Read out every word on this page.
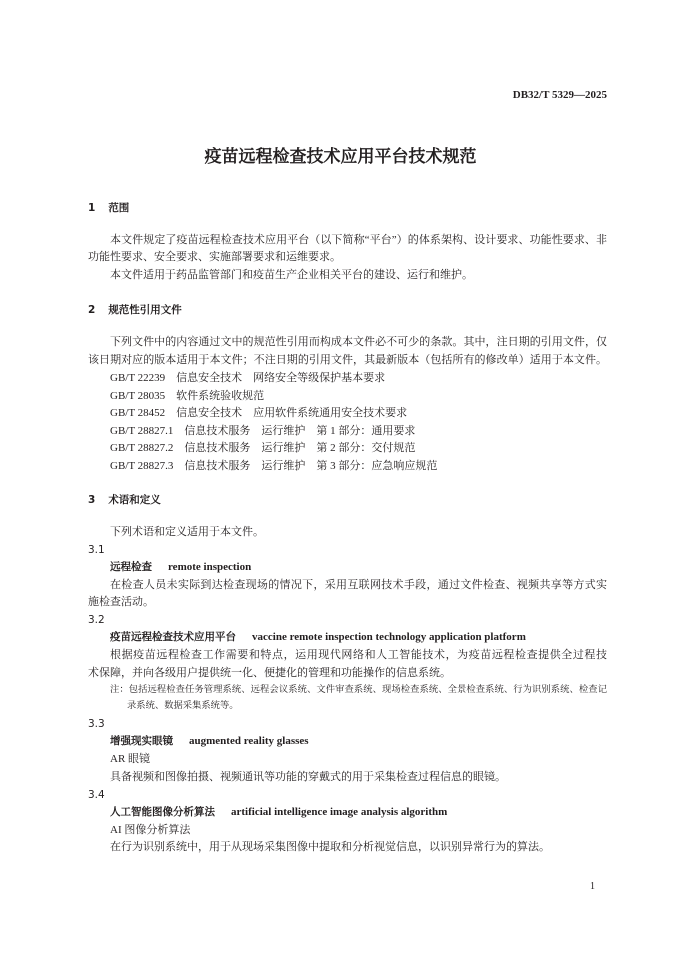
DB32/T 5329—2025
疫苗远程检查技术应用平台技术规范
1 范围
本文件规定了疫苗远程检查技术应用平台（以下简称“平台”）的体系架构、设计要求、功能性要求、非
功能性要求、安全要求、实施部署要求和运维要求。
本文件适用于药品监管部门和疫苗生产企业相关平台的建设、运行和维护。
2 规范性引用文件
下列文件中的内容通过文中的规范性引用而构成本文件必不可少的条款。其中，注日期的引用文件，仅
该日期对应的版本适用于本文件；不注日期的引用文件，其最新版本（包括所有的修改单）适用于本文件。
GB/T 22239 信息安全技术　网络安全等级保护基本要求
GB/T 28035 软件系统验收规范
GB/T 28452 信息安全技术　应用软件系统通用安全技术要求
GB/T 28827.1 信息技术服务　运行维护　第 1 部分：通用要求
GB/T 28827.2 信息技术服务　运行维护　第 2 部分：交付规范
GB/T 28827.3 信息技术服务　运行维护　第 3 部分：应急响应规范
3 术语和定义
下列术语和定义适用于本文件。
3.1
远程检查 remote inspection
在检查人员未实际到达检查现场的情况下，采用互联网技术手段，通过文件检查、视频共享等方式实
施检查活动。
3.2
疫苗远程检查技术应用平台 vaccine remote inspection technology application platform
根据疫苗远程检查工作需要和特点，运用现代网络和人工智能技术，为疫苗远程检查提供全过程技
术保障，并向各级用户提供统一化、便捷化的管理和功能操作的信息系统。
注：包括远程检查任务管理系统、远程会议系统、文件审查系统、现场检查系统、全景检查系统、行为识别系统、检查记
录系统、数据采集系统等。
3.3
增强现实眼镜 augmented reality glasses
AR 眼镜
具备视频和图像拍摄、视频通讯等功能的穿戴式的用于采集检查过程信息的眼镜。
3.4
人工智能图像分析算法 artificial intelligence image analysis algorithm
AI 图像分析算法
在行为识别系统中，用于从现场采集图像中提取和分析视觉信息，以识别异常行为的算法。
1
